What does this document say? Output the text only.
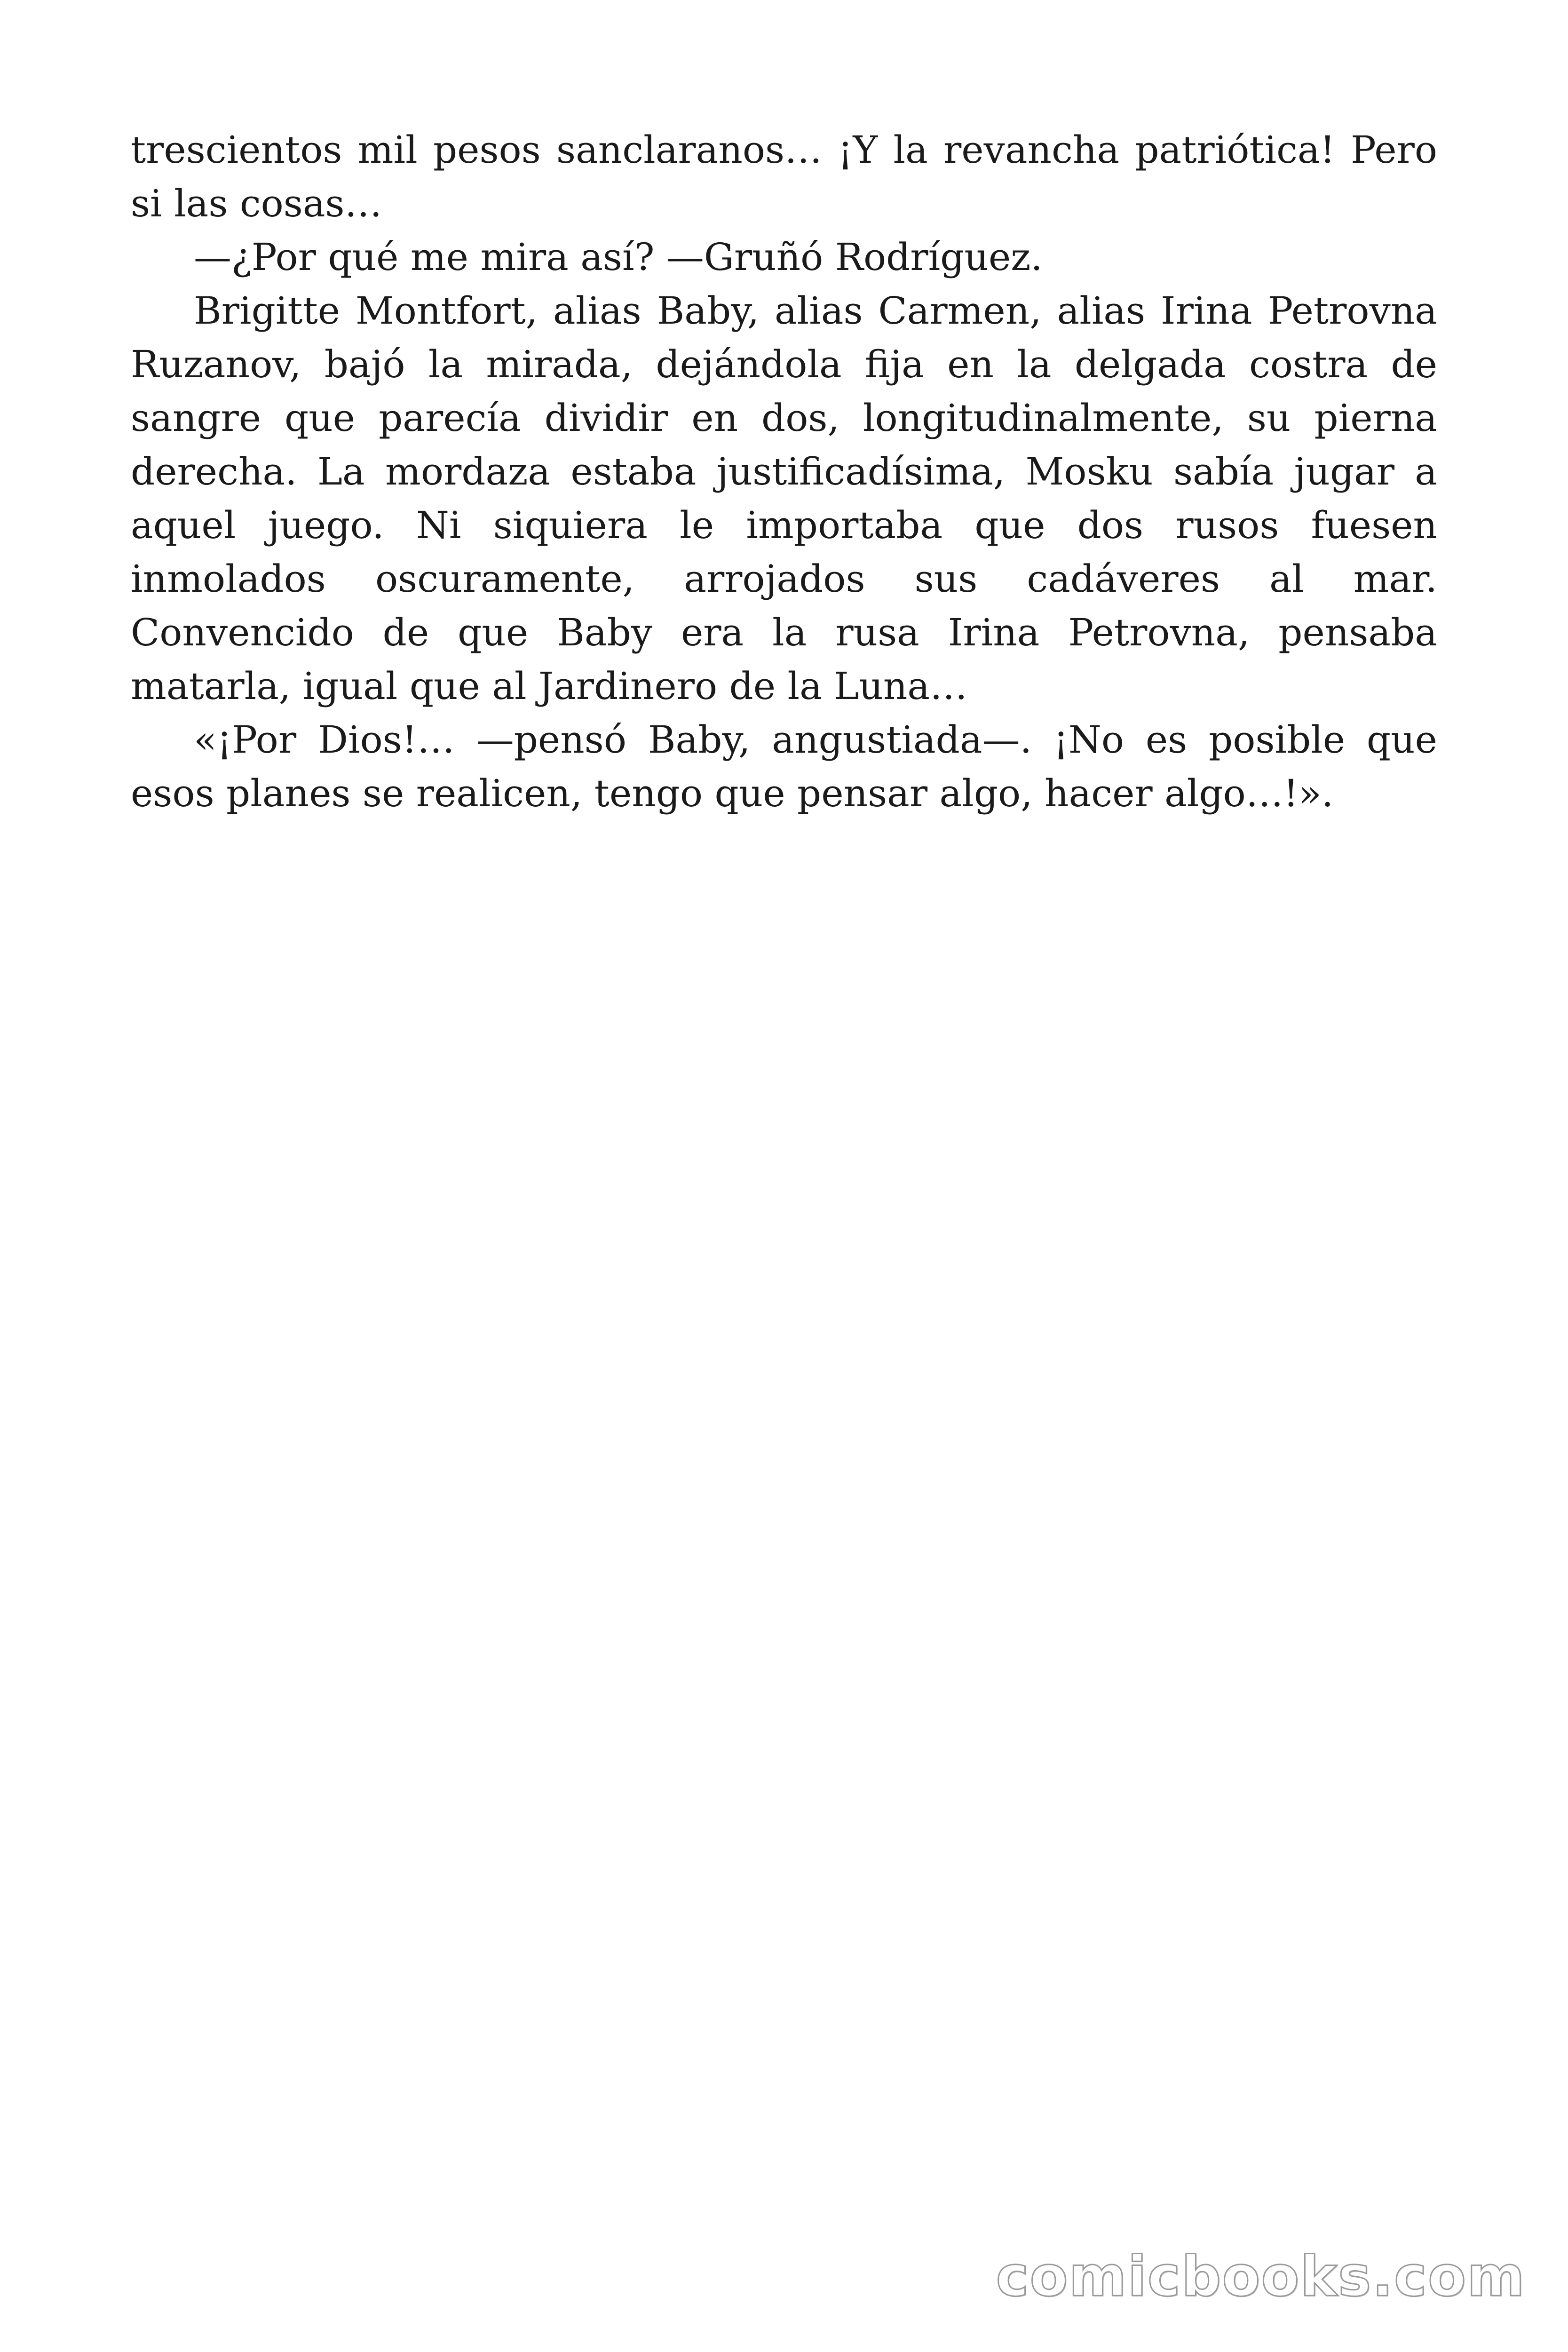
trescientos mil pesos sanclaranos… ¡Y la revancha patriótica! Pero si las cosas…

—¿Por qué me mira así? —Gruñó Rodríguez.

Brigitte Montfort, alias Baby, alias Carmen, alias Irina Petrovna Ruzanov, bajó la mirada, dejándola fija en la delgada costra de sangre que parecía dividir en dos, longitudinalmente, su pierna derecha. La mordaza estaba justificadísima, Mosku sabía jugar a aquel juego. Ni siquiera le importaba que dos rusos fuesen inmolados oscuramente, arrojados sus cadáveres al mar. Convencido de que Baby era la rusa Irina Petrovna, pensaba matarla, igual que al Jardinero de la Luna…

«¡Por Dios!… —pensó Baby, angustiada—. ¡No es posible que esos planes se realicen, tengo que pensar algo, hacer algo…!».

comicbooks.com
